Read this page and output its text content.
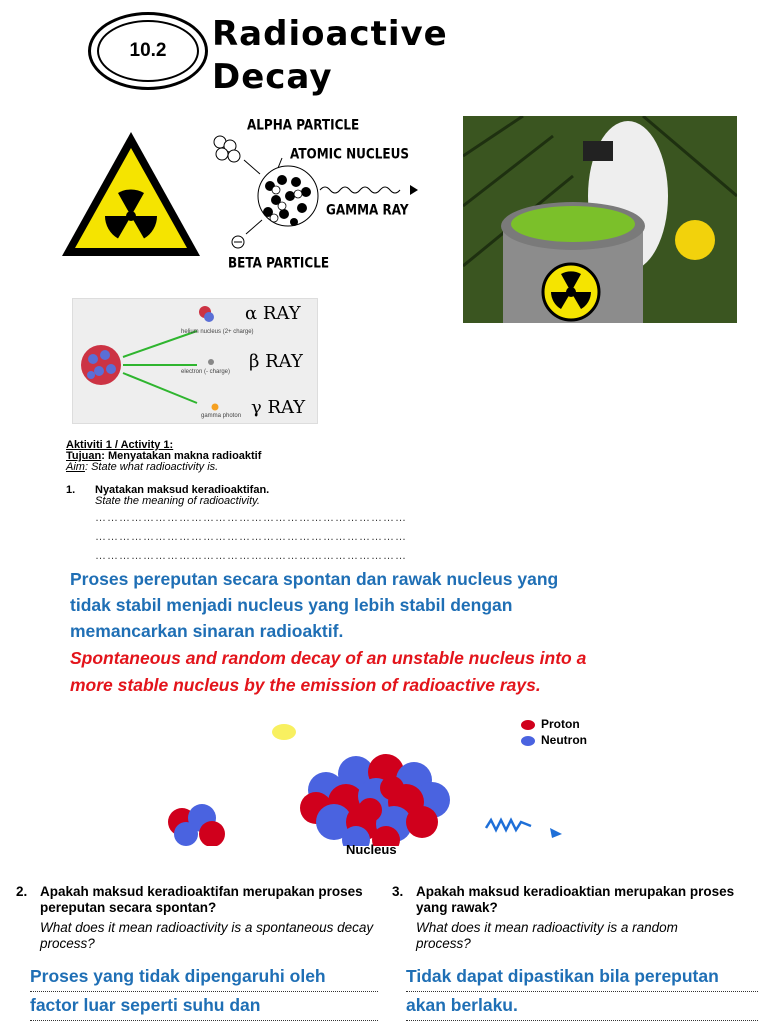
10.2	Radioactive
Decay
ALPHA PARTICLE
ATOMIC NUCLEUS
GAMMA RAY
BETA PARTICLE
α RAY
β RAY
γ RAY
helium nucleus (2+ charge)
electron (- charge)
gamma photon
Aktiviti 1 / Activity 1:
Tujuan: Menyatakan makna radioaktif
Aim: State what radioactivity is.
1. Nyatakan maksud keradioaktifan.
State the meaning of radioactivity.
……………………………………………………………………
……………………………………………………………………
……………………………………………………………………
Proses pereputan secara spontan dan rawak nucleus yang
tidak stabil menjadi nucleus yang lebih stabil dengan
memancarkan sinaran radioaktif.
Spontaneous and random decay of an unstable nucleus into a
more stable nucleus by the emission of radioactive rays.
Proton
Neutron
Nucleus
2. Apakah maksud keradioaktifan merupakan proses pereputan secara spontan?
What does it mean radioactivity is a spontaneous decay process?
Proses yang tidak dipengaruhi oleh
factor luar seperti suhu dan
3. Apakah maksud keradioaktian merupakan proses yang rawak?
What does it mean radioactivity is a random process?
Tidak dapat dipastikan bila pereputan
akan berlaku.
